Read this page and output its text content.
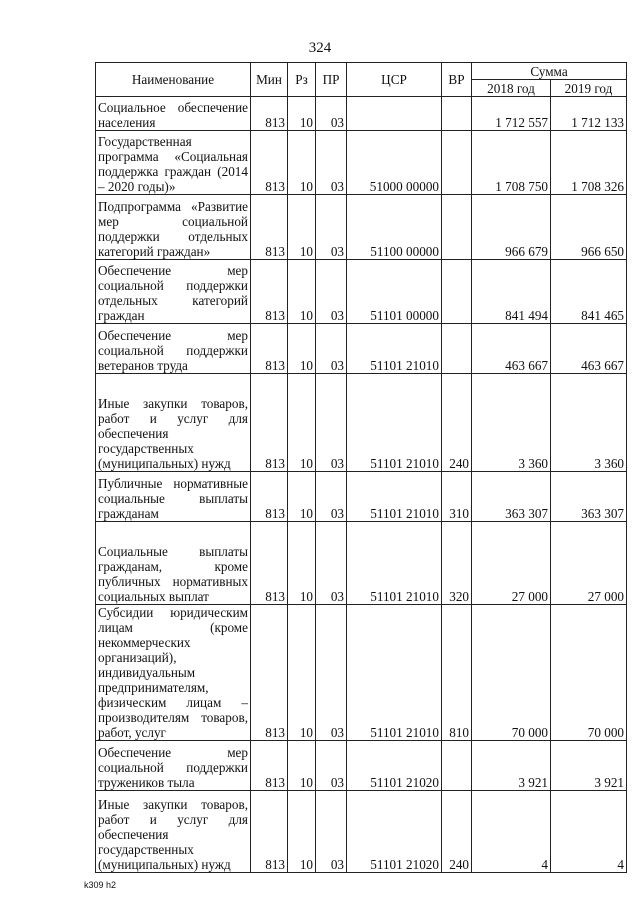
324
Наименование	Мин	Рз	ПР	ЦСР	ВР	Сумма	
						2018 год	2019 год
Социальное обеспечение населения	813	10	03			1 712 557	1 712 133
Государственная программа «Социальная поддержка граждан (2014 – 2020 годы)»	813	10	03	51000 00000		1 708 750	1 708 326
Подпрограмма «Развитие мер социальной поддержки отдельных категорий граждан»	813	10	03	51100 00000		966 679	966 650
Обеспечение мер социальной поддержки отдельных категорий граждан	813	10	03	51101 00000		841 494	841 465
Обеспечение мер социальной поддержки ветеранов труда	813	10	03	51101 21010		463 667	463 667
Иные закупки товаров, работ и услуг для обеспечения государственных (муниципальных) нужд	813	10	03	51101 21010	240	3 360	3 360
Публичные нормативные социальные выплаты гражданам	813	10	03	51101 21010	310	363 307	363 307
Социальные выплаты гражданам, кроме публичных нормативных социальных выплат	813	10	03	51101 21010	320	27 000	27 000
Субсидии юридическим лицам (кроме некоммерческих организаций), индивидуальным предпринимателям, физическим лицам – производителям товаров, работ, услуг	813	10	03	51101 21010	810	70 000	70 000
Обеспечение мер социальной поддержки тружеников тыла	813	10	03	51101 21020		3 921	3 921
Иные закупки товаров, работ и услуг для обеспечения государственных (муниципальных) нужд	813	10	03	51101 21020	240	4	4
k309 h2
